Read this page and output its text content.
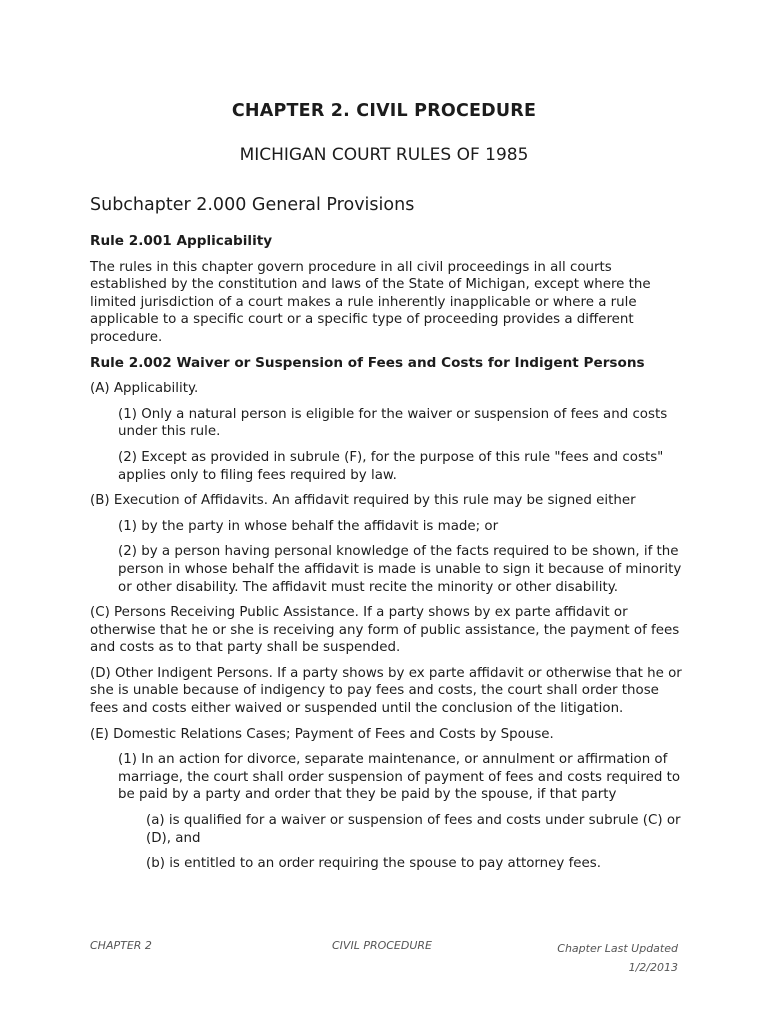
CHAPTER 2. CIVIL PROCEDURE
MICHIGAN COURT RULES OF 1985
Subchapter 2.000 General Provisions

Rule 2.001 Applicability

The rules in this chapter govern procedure in all civil proceedings in all courts established by the constitution and laws of the State of Michigan, except where the limited jurisdiction of a court makes a rule inherently inapplicable or where a rule applicable to a specific court or a specific type of proceeding provides a different procedure.

Rule 2.002 Waiver or Suspension of Fees and Costs for Indigent Persons

(A) Applicability.

(1) Only a natural person is eligible for the waiver or suspension of fees and costs under this rule.

(2) Except as provided in subrule (F), for the purpose of this rule "fees and costs" applies only to filing fees required by law.

(B) Execution of Affidavits. An affidavit required by this rule may be signed either

(1) by the party in whose behalf the affidavit is made; or

(2) by a person having personal knowledge of the facts required to be shown, if the person in whose behalf the affidavit is made is unable to sign it because of minority or other disability. The affidavit must recite the minority or other disability.

(C) Persons Receiving Public Assistance. If a party shows by ex parte affidavit or otherwise that he or she is receiving any form of public assistance, the payment of fees and costs as to that party shall be suspended.

(D) Other Indigent Persons. If a party shows by ex parte affidavit or otherwise that he or she is unable because of indigency to pay fees and costs, the court shall order those fees and costs either waived or suspended until the conclusion of the litigation.

(E) Domestic Relations Cases; Payment of Fees and Costs by Spouse.

(1) In an action for divorce, separate maintenance, or annulment or affirmation of marriage, the court shall order suspension of payment of fees and costs required to be paid by a party and order that they be paid by the spouse, if that party

(a) is qualified for a waiver or suspension of fees and costs under subrule (C) or (D), and

(b) is entitled to an order requiring the spouse to pay attorney fees.

CHAPTER 2	CIVIL PROCEDURE	Chapter Last Updated
1/2/2013
